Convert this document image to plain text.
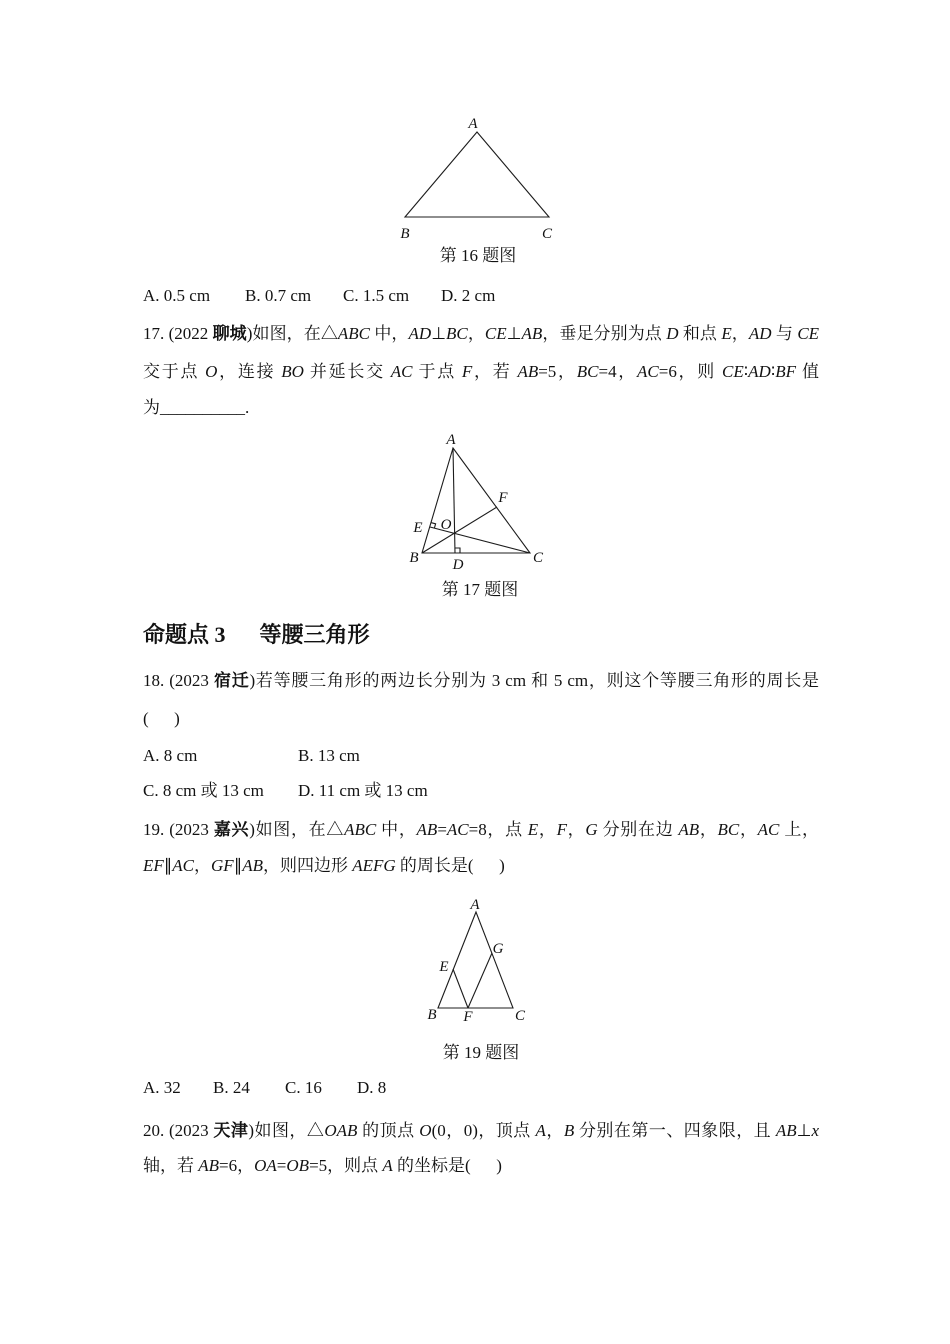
A
B	C
第 16 题图
A. 0.5 cm	B. 0.7 cm	C. 1.5 cm	D. 2 cm
17. (2022 聊城)如图，在△ABC 中，AD⊥BC，CE⊥AB，垂足分别为点 D 和点 E，AD 与 CE
交于点 O，连接 BO 并延长交 AC 于点 F，若 AB=5，BC=4，AC=6，则 CE∶AD∶BF 值
为__________.
A
B	C
D
E O
F
第 17 题图
命题点 3 等腰三角形
18. (2023 宿迁)若等腰三角形的两边长分别为 3 cm 和 5 cm，则这个等腰三角形的周长是
(      )
A. 8 cm	B. 13 cm
C. 8 cm 或 13 cm	D. 11 cm 或 13 cm
19. (2023 嘉兴)如图，在△ABC 中，AB=AC=8，点 E，F，G 分别在边 AB，BC，AC 上，
EF∥AC，GF∥AB，则四边形 AEFG 的周长是(      )
A
B	C
E
G
F
第 19 题图
A. 32	B. 24	C. 16	D. 8
20. (2023 天津)如图，△OAB 的顶点 O(0，0)，顶点 A，B 分别在第一、四象限，且 AB⊥x
轴，若 AB=6，OA=OB=5，则点 A 的坐标是(      )
